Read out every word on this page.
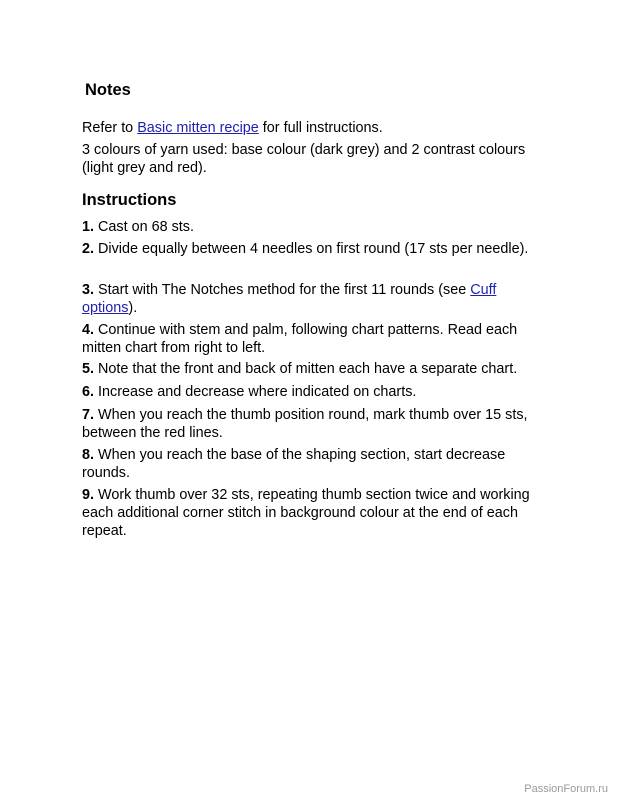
Notes

Refer to Basic mitten recipe for full instructions.

3 colours of yarn used: base colour (dark grey) and 2 contrast colours (light grey and red).

Instructions

1. Cast on 68 sts.

2. Divide equally between 4 needles on first round (17 sts per needle).

3. Start with The Notches method for the first 11 rounds (see Cuff options).

4. Continue with stem and palm, following chart patterns. Read each mitten chart from right to left.

5. Note that the front and back of mitten each have a separate chart.

6. Increase and decrease where indicated on charts.

7. When you reach the thumb position round, mark thumb over 15 sts, between the red lines.

8. When you reach the base of the shaping section, start decrease rounds.

9. Work thumb over 32 sts, repeating thumb section twice and working each additional corner stitch in background colour at the end of each repeat.

PassionForum.ru
